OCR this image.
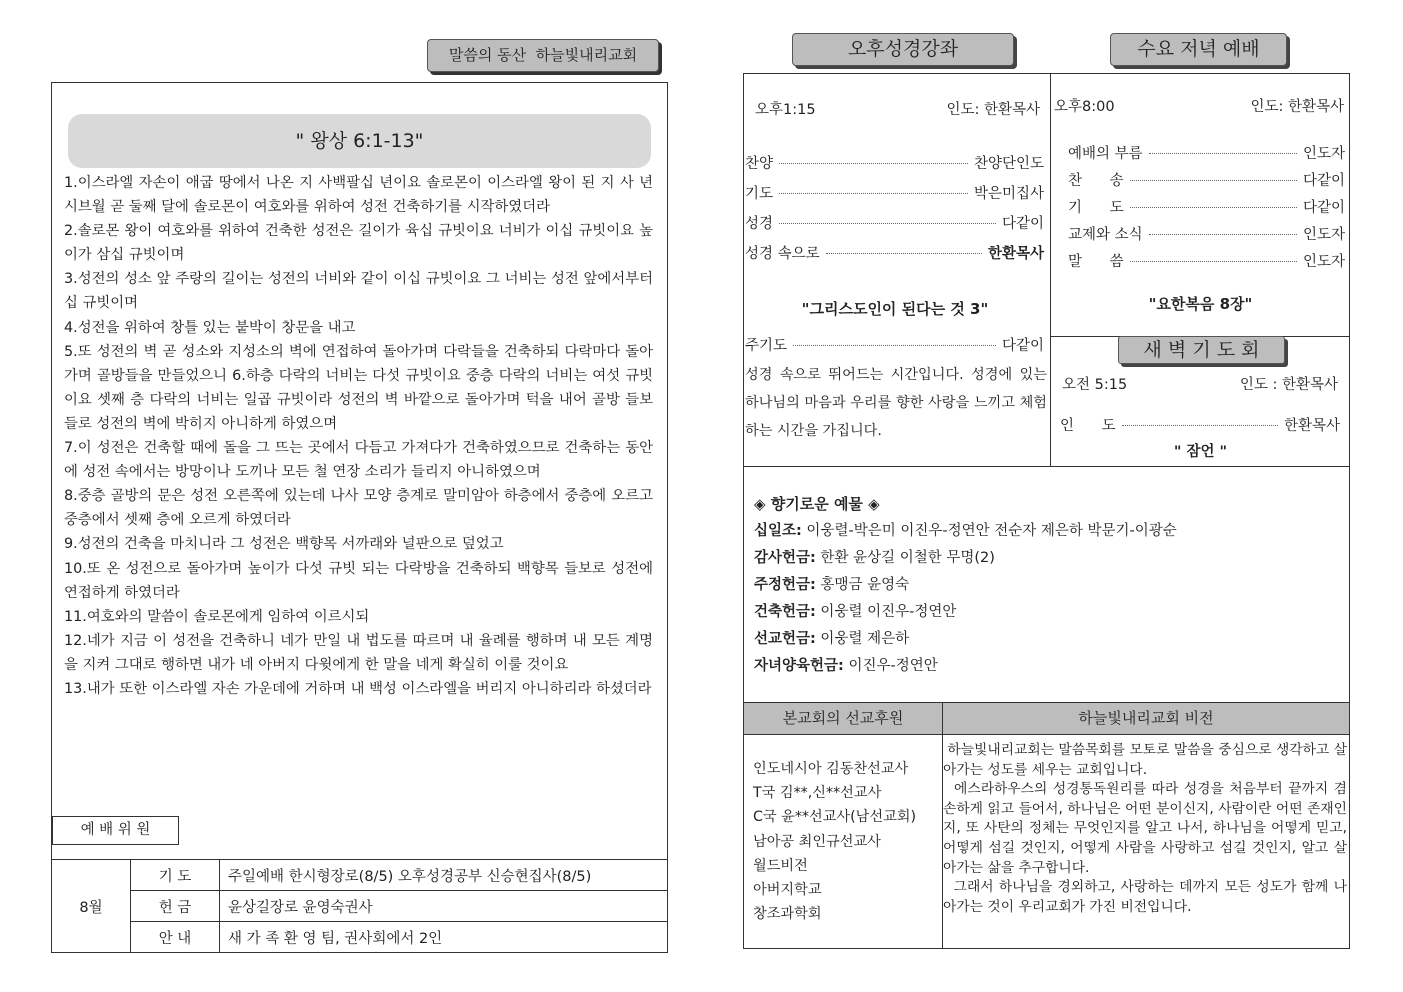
말씀의 동산  하늘빛내리교회
" 왕상 6:1-13"

1.이스라엘 자손이 애굽 땅에서 나온 지 사백팔십 년이요 솔로몬이 이스라엘 왕이 된 지 사 년 시브월 곧 둘째 달에 솔로몬이 여호와를 위하여 성전 건축하기를 시작하였더라

2.솔로몬 왕이 여호와를 위하여 건축한 성전은 길이가 육십 규빗이요 너비가 이십 규빗이요 높이가 삼십 규빗이며

3.성전의 성소 앞 주랑의 길이는 성전의 너비와 같이 이십 규빗이요 그 너비는 성전 앞에서부터 십 규빗이며

4.성전을 위하여 창틀 있는 붙박이 창문을 내고

5.또 성전의 벽 곧 성소와 지성소의 벽에 연접하여 돌아가며 다락들을 건축하되 다락마다 돌아가며 골방들을 만들었으니 6.하층 다락의 너비는 다섯 규빗이요 중층 다락의 너비는 여섯 규빗이요 셋째 층 다락의 너비는 일곱 규빗이라 성전의 벽 바깥으로 돌아가며 턱을 내어 골방 들보들로 성전의 벽에 박히지 아니하게 하였으며

7.이 성전은 건축할 때에 돌을 그 뜨는 곳에서 다듬고 가져다가 건축하였으므로 건축하는 동안에 성전 속에서는 방망이나 도끼나 모든 철 연장 소리가 들리지 아니하였으며

8.중층 골방의 문은 성전 오른쪽에 있는데 나사 모양 층계로 말미암아 하층에서 중층에 오르고 중층에서 셋째 층에 오르게 하였더라

9.성전의 건축을 마치니라 그 성전은 백향목 서까래와 널판으로 덮었고

10.또 온 성전으로 돌아가며 높이가 다섯 규빗 되는 다락방을 건축하되 백향목 들보로 성전에 연접하게 하였더라

11.여호와의 말씀이 솔로몬에게 임하여 이르시되

12.네가 지금 이 성전을 건축하니 네가 만일 내 법도를 따르며 내 율례를 행하며 내 모든 계명을 지켜 그대로 행하면 내가 네 아버지 다윗에게 한 말을 네게 확실히 이룰 것이요

13.내가 또한 이스라엘 자손 가운데에 거하며 내 백성 이스라엘을 버리지 아니하리라 하셨더라

예 배 위 원
8월	기 도	주일예배 한시형장로(8/5) 오후성경공부 신승현집사(8/5)
	헌 금	윤상길장로 윤영숙권사
	안 내	새 가 족 환 영 팀, 권사회에서 2인
오후성경강좌	수요 저녁 예배
오후1:15	인도: 한환목사
찬양	찬양단인도
기도	박은미집사
성경	다같이
성경 속으로	한환목사
"그리스도인이 된다는 것 3"
주기도	다같이
성경 속으로 뛰어드는 시간입니다. 성경에 있는 하나님의 마음과 우리를 향한 사랑을 느끼고 체험하는 시간을 가집니다.
오후8:00	인도: 한환목사
예배의 부름	인도자
찬      송	다같이
기      도	다같이
교제와 소식	인도자
말      씀	인도자
"요한복음 8장"
새 벽 기 도 회
오전 5:15	인도 : 한환목사
인      도	한환목사
" 잠언 "
◈ 향기로운 예물 ◈

십일조: 이웅렬-박은미 이진우-정연안 전순자 제은하 박문기-이광순

감사헌금: 한환 윤상길 이철한 무명(2)

주정헌금: 홍맹금 윤영숙

건축헌금: 이웅렬 이진우-정연안

선교헌금: 이웅렬 제은하

자녀양육헌금: 이진우-정연안

본교회의 선교후원	하늘빛내리교회 비전
인도네시아 김동찬선교사
T국 김**,신**선교사
C국 윤**선교사(남선교회)
남아공 최인규선교사
월드비전
아버지학교
창조과학회
하늘빛내리교회는 말씀목회를 모토로 말씀을 중심으로 생각하고 살아가는 성도를 세우는 교회입니다.
에스라하우스의 성경통독원리를 따라 성경을 처음부터 끝까지 겸손하게 읽고 들어서, 하나님은 어떤 분이신지, 사람이란 어떤 존재인지, 또 사탄의 정체는 무엇인지를 알고 나서, 하나님을 어떻게 믿고, 어떻게 섬길 것인지, 어떻게 사람을 사랑하고 섬길 것인지, 알고 살아가는 삶을 추구합니다.
그래서 하나님을 경외하고, 사랑하는 데까지 모든 성도가 함께 나아가는 것이 우리교회가 가진 비전입니다.
